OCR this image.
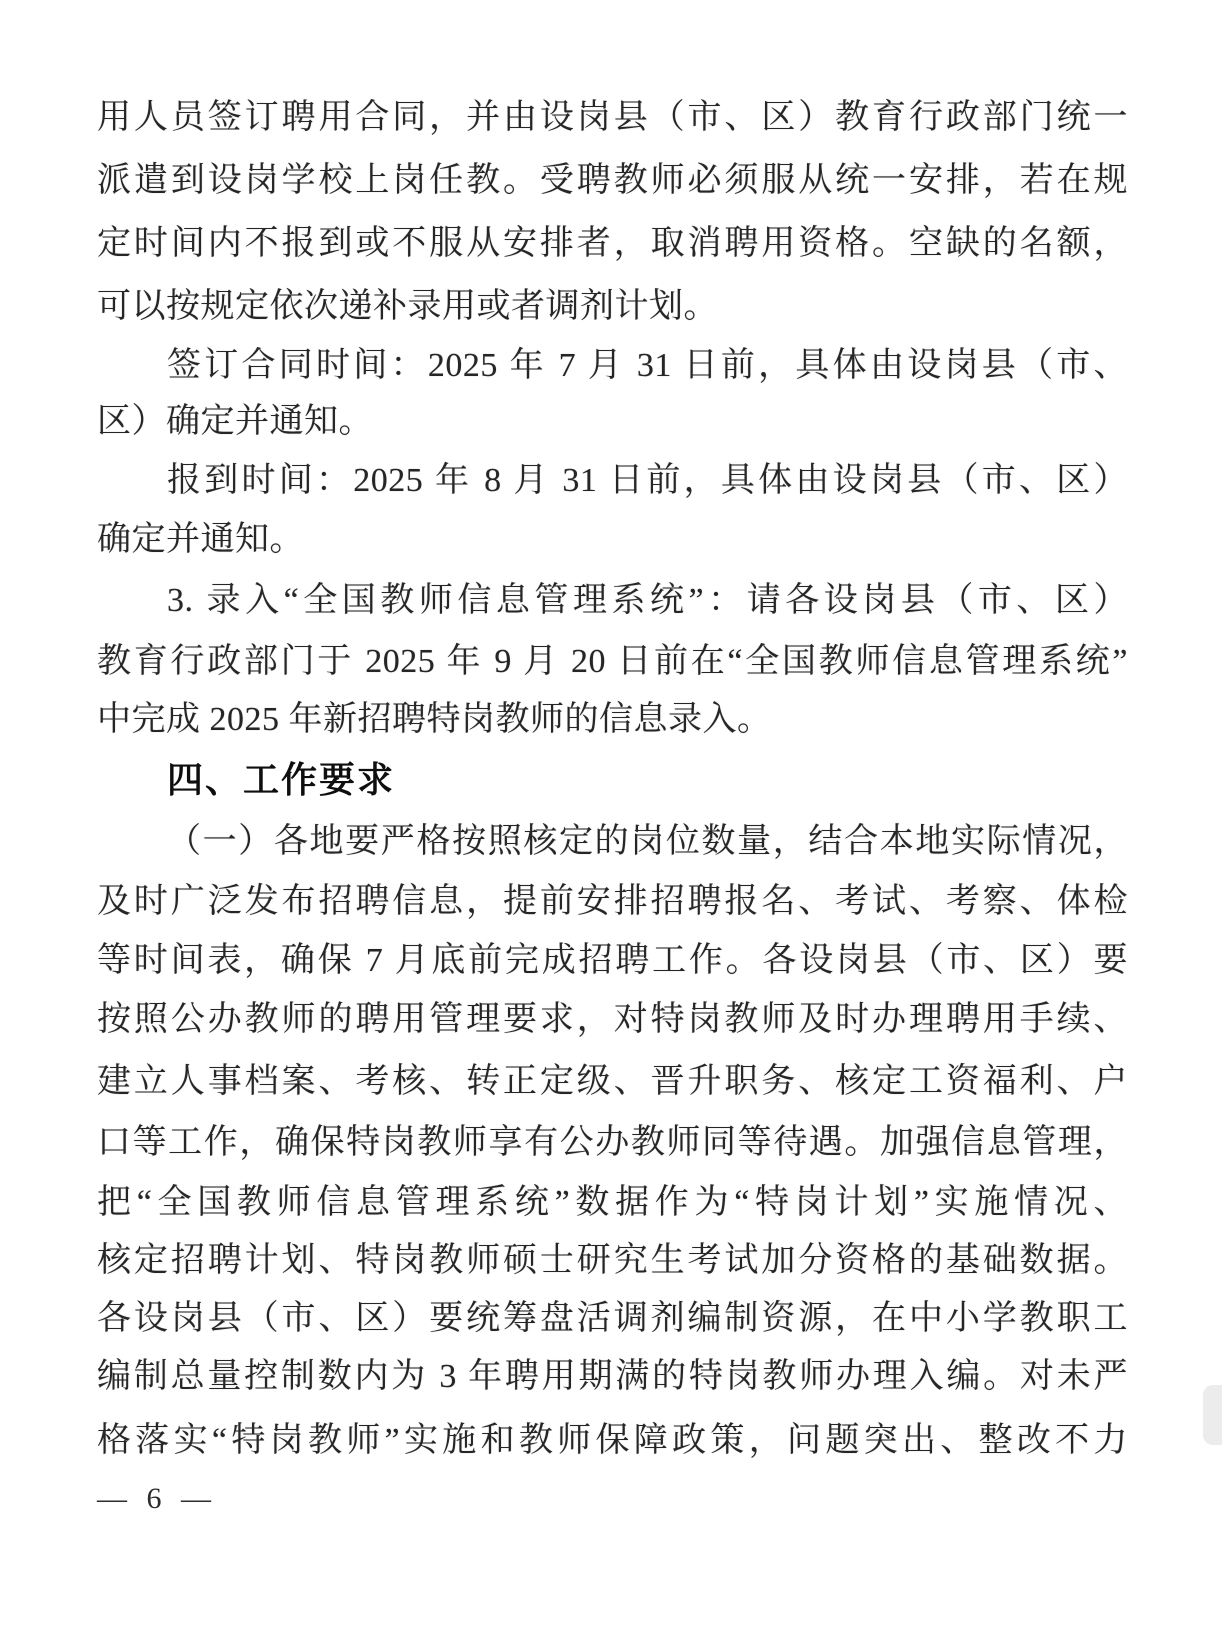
用人员签订聘用合同，并由设岗县（市、区）教育行政部门统一
派遣到设岗学校上岗任教。受聘教师必须服从统一安排，若在规
定时间内不报到或不服从安排者，取消聘用资格。空缺的名额，
可以按规定依次递补录用或者调剂计划。
签订合同时间：2025 年 7 月 31 日前，具体由设岗县（市、
区）确定并通知。
报到时间：2025 年 8 月 31 日前，具体由设岗县（市、区）
确定并通知。
3. 录入“全国教师信息管理系统”：请各设岗县（市、区）
教育行政部门于 2025 年 9 月 20 日前在“全国教师信息管理系统”
中完成 2025 年新招聘特岗教师的信息录入。
四、工作要求
（一）各地要严格按照核定的岗位数量，结合本地实际情况，
及时广泛发布招聘信息，提前安排招聘报名、考试、考察、体检
等时间表，确保 7 月底前完成招聘工作。各设岗县（市、区）要
按照公办教师的聘用管理要求，对特岗教师及时办理聘用手续、
建立人事档案、考核、转正定级、晋升职务、核定工资福利、户
口等工作，确保特岗教师享有公办教师同等待遇。加强信息管理，
把“全国教师信息管理系统”数据作为“特岗计划”实施情况、
核定招聘计划、特岗教师硕士研究生考试加分资格的基础数据。
各设岗县（市、区）要统筹盘活调剂编制资源，在中小学教职工
编制总量控制数内为 3 年聘用期满的特岗教师办理入编。对未严
格落实“特岗教师”实施和教师保障政策，问题突出、整改不力
— 6 —
